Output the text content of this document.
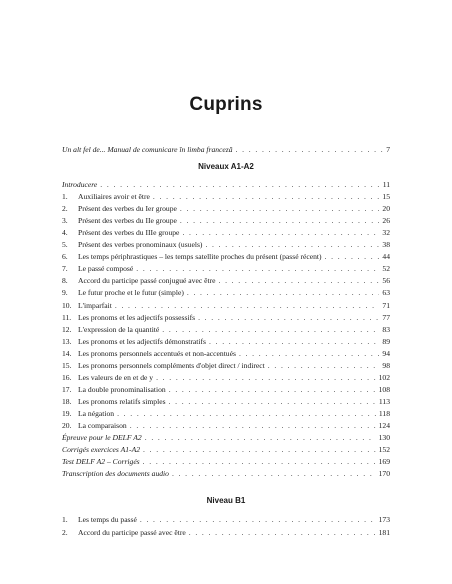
Cuprins
Un alt fel de... Manual de comunicare în limba franceză . . .	7
Niveaux A1-A2
Introducere . . .	11
1. Auxiliaires avoir et être . . .	15
2. Présent des verbes du Ier groupe . . .	20
3. Présent des verbes du IIe groupe . . .	26
4. Présent des verbes du IIIe groupe . . .	32
5. Présent des verbes pronominaux (usuels) . . .	38
6. Les temps périphrastiques – les temps satellite proches du présent (passé récent) . . .	44
7. Le passé composé . . .	52
8. Accord du participe passé conjugué avec être . . .	56
9. Le futur proche et le futur (simple) . . .	63
10. L'imparfait . . .	71
11. Les pronoms et les adjectifs possessifs . . .	77
12. L'expression de la quantité . . .	83
13. Les pronoms et les adjectifs démonstratifs . . .	89
14. Les pronoms personnels accentués et non-accentués . . .	94
15. Les pronoms personnels compléments d'objet direct / indirect . . .	98
16. Les valeurs de en et de y . . .	102
17. La double pronominalisation . . .	108
18. Les pronoms relatifs simples . . .	113
19. La négation . . .	118
20. La comparaison . . .	124
Épreuve pour le DELF A2 . . .	130
Corrigés exercices A1-A2 . . .	152
Test DELF A2 – Corrigés . . .	169
Transcription des documents audio . . .	170
Niveau B1
1. Les temps du passé . . .	173
2. Accord du participe passé avec être . . .	181
